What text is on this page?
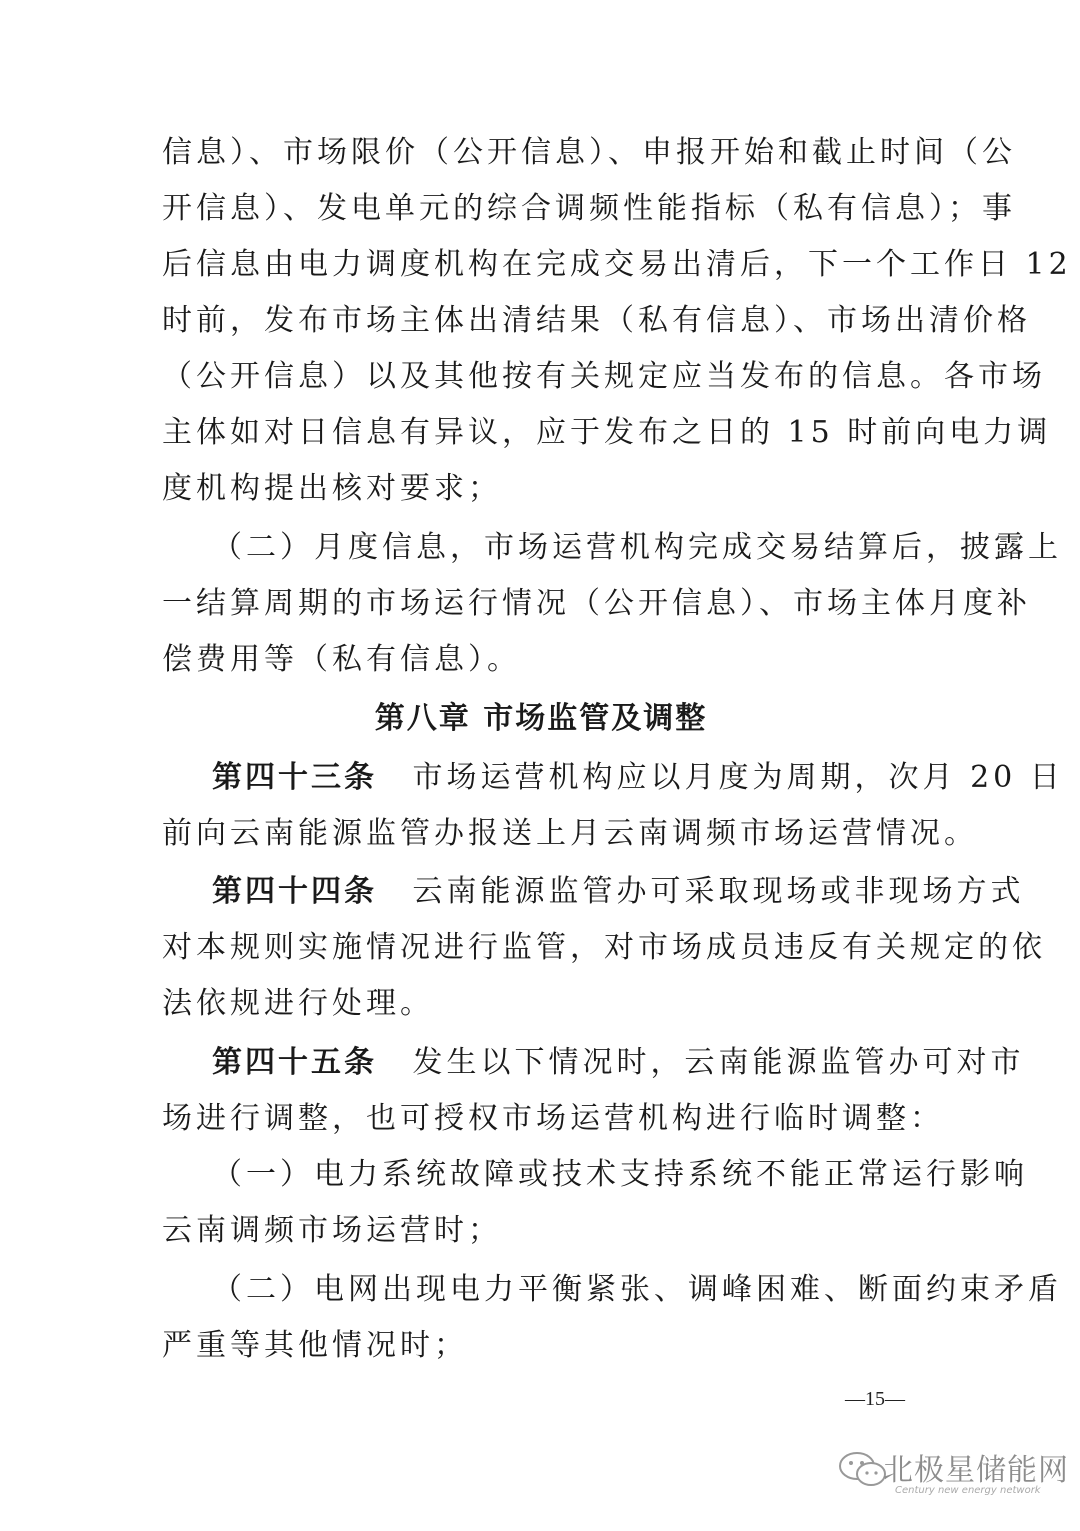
信息）、市场限价（公开信息）、申报开始和截止时间（公
开信息）、发电单元的综合调频性能指标（私有信息）；事
后信息由电力调度机构在完成交易出清后，下一个工作日 12
时前，发布市场主体出清结果（私有信息）、市场出清价格
（公开信息）以及其他按有关规定应当发布的信息。各市场
主体如对日信息有异议，应于发布之日的 15 时前向电力调
度机构提出核对要求；
（二）月度信息，市场运营机构完成交易结算后，披露上
一结算周期的市场运行情况（公开信息）、市场主体月度补
偿费用等（私有信息）。
第八章 市场监管及调整
第四十三条 市场运营机构应以月度为周期，次月 20 日
前向云南能源监管办报送上月云南调频市场运营情况。
第四十四条 云南能源监管办可采取现场或非现场方式
对本规则实施情况进行监管，对市场成员违反有关规定的依
法依规进行处理。
第四十五条 发生以下情况时，云南能源监管办可对市
场进行调整，也可授权市场运营机构进行临时调整：
（一）电力系统故障或技术支持系统不能正常运行影响
云南调频市场运营时；
（二）电网出现电力平衡紧张、调峰困难、断面约束矛盾
严重等其他情况时；
—15—
北极星储能网
Century new energy network
